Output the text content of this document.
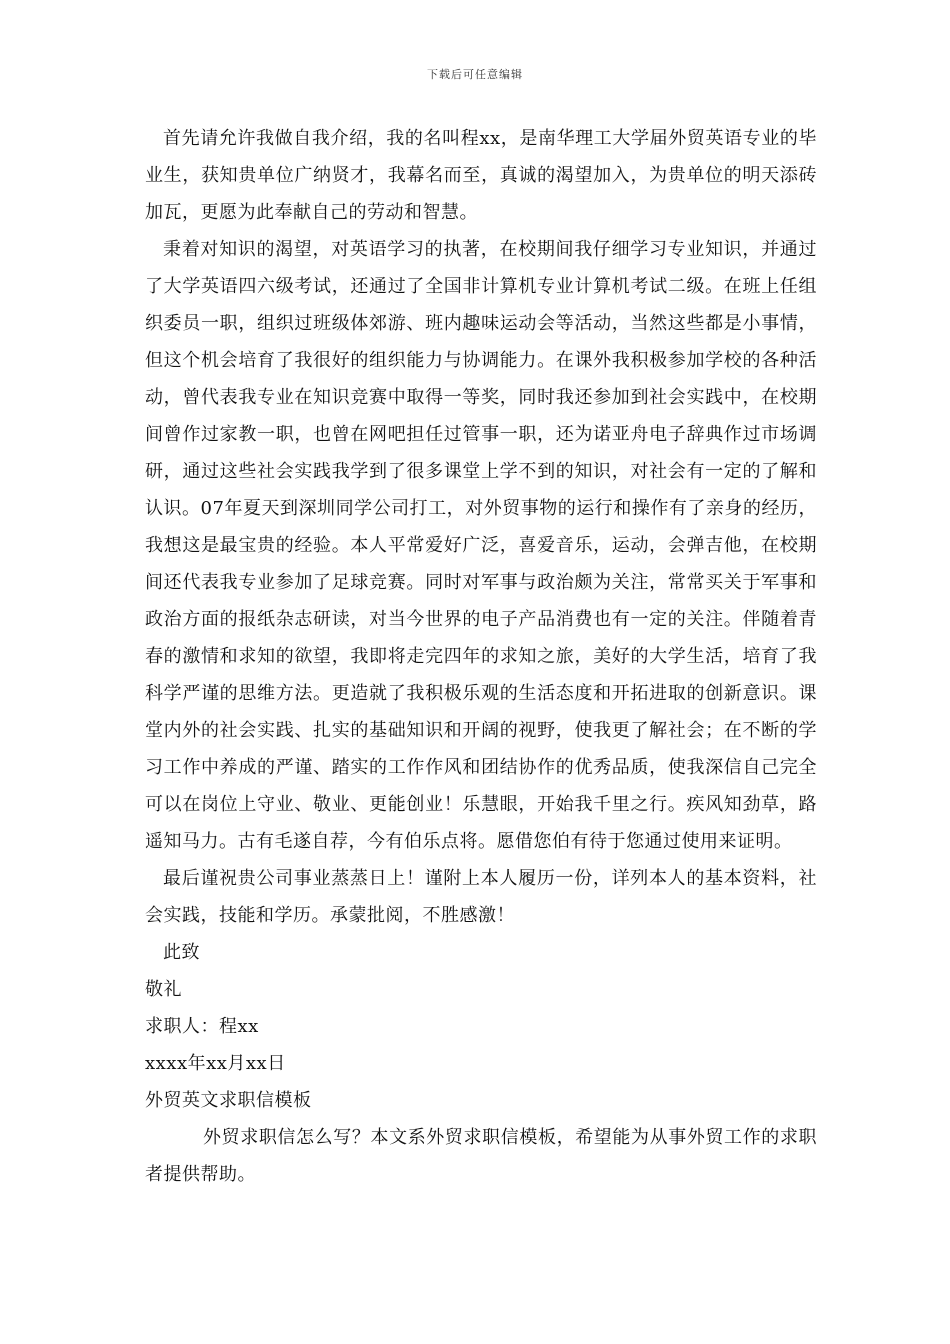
下载后可任意编辑

首先请允许我做自我介绍，我的名叫程xx，是南华理工大学届外贸英语专业的毕业生，获知贵单位广纳贤才，我幕名而至，真诚的渴望加入，为贵单位的明天添砖加瓦，更愿为此奉献自己的劳动和智慧。

秉着对知识的渴望，对英语学习的执著，在校期间我仔细学习专业知识，并通过了大学英语四六级考试，还通过了全国非计算机专业计算机考试二级。在班上任组织委员一职，组织过班级体郊游、班内趣味运动会等活动，当然这些都是小事情，但这个机会培育了我很好的组织能力与协调能力。在课外我积极参加学校的各种活动，曾代表我专业在知识竞赛中取得一等奖，同时我还参加到社会实践中，在校期间曾作过家教一职，也曾在网吧担任过管事一职，还为诺亚舟电子辞典作过市场调研，通过这些社会实践我学到了很多课堂上学不到的知识，对社会有一定的了解和认识。07年夏天到深圳同学公司打工，对外贸事物的运行和操作有了亲身的经历，我想这是最宝贵的经验。本人平常爱好广泛，喜爱音乐，运动，会弹吉他，在校期间还代表我专业参加了足球竞赛。同时对军事与政治颇为关注，常常买关于军事和政治方面的报纸杂志研读，对当今世界的电子产品消费也有一定的关注。伴随着青春的激情和求知的欲望，我即将走完四年的求知之旅，美好的大学生活，培育了我科学严谨的思维方法。更造就了我积极乐观的生活态度和开拓进取的创新意识。课堂内外的社会实践、扎实的基础知识和开阔的视野，使我更了解社会；在不断的学习工作中养成的严谨、踏实的工作作风和团结协作的优秀品质，使我深信自己完全可以在岗位上守业、敬业、更能创业！乐慧眼，开始我千里之行。疾风知劲草，路遥知马力。古有毛遂自荐，今有伯乐点将。愿借您伯有待于您通过使用来证明。

最后谨祝贵公司事业蒸蒸日上！谨附上本人履历一份，详列本人的基本资料，社会实践，技能和学历。承蒙批阅，不胜感激！

此致

敬礼

求职人：程xx

xxxx年xx月xx日

外贸英文求职信模板

外贸求职信怎么写？本文系外贸求职信模板，希望能为从事外贸工作的求职者提供帮助。
